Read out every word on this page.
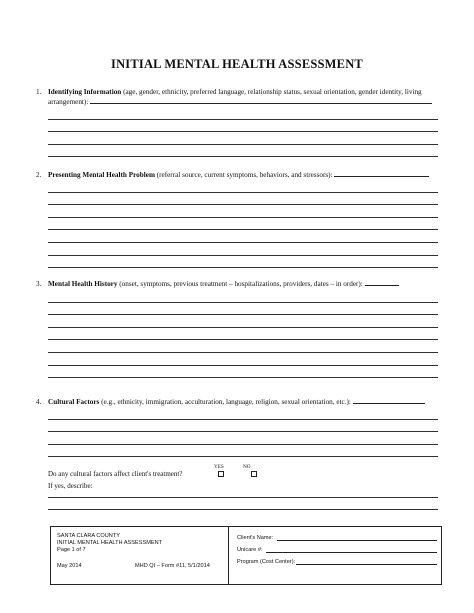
INITIAL MENTAL HEALTH ASSESSMENT
1. Identifying Information (age, gender, ethnicity, preferred language, relationship status, sexual orientation, gender identity, living
arrangement):
2. Presenting Mental Health Problem (referral source, current symptoms, behaviors, and stressors):
3. Mental Health History (onset, symptoms, previous treatment – hospitalizations, providers, dates – in order):
4. Cultural Factors (e.g., ethnicity, immigration, acculturation, language, religion, sexual orientation, etc.):
YES	NO
Do any cultural factors affect client's treatment?
If yes, describe:
SANTA CLARA COUNTY
INITIAL MENTAL HEALTH ASSESSMENT
Page 1 of 7
May 2014	MHD QI – Form #11, 5/1/2014
Client's Name:
Unicare #:
Program (Cost Center):
